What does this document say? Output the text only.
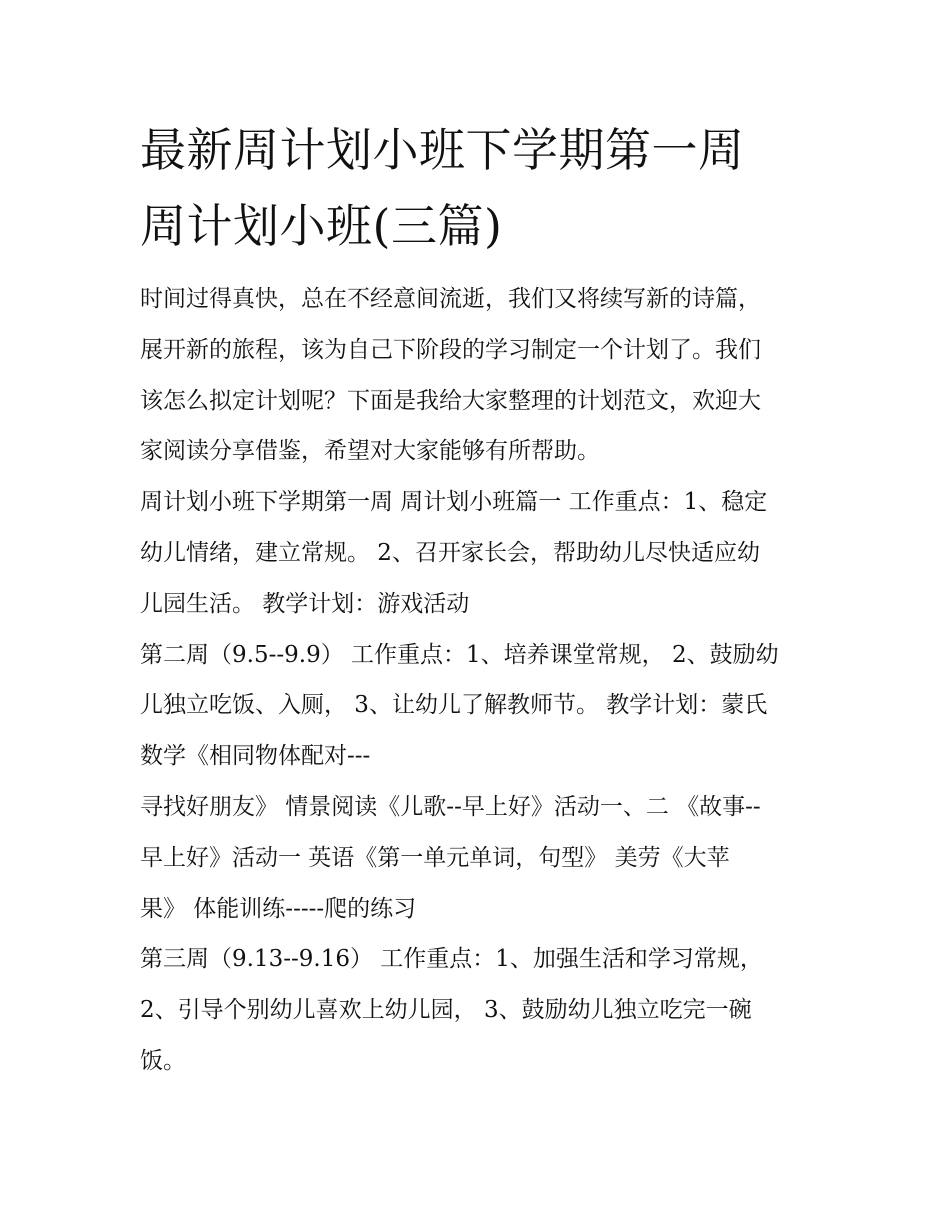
最新周计划小班下学期第一周
周计划小班(三篇)
时间过得真快，总在不经意间流逝，我们又将续写新的诗篇，
展开新的旅程，该为自己下阶段的学习制定一个计划了。我们
该怎么拟定计划呢？下面是我给大家整理的计划范文，欢迎大
家阅读分享借鉴，希望对大家能够有所帮助。
周计划小班下学期第一周 周计划小班篇一 工作重点：1、稳定
幼儿情绪，建立常规。 2、召开家长会，帮助幼儿尽快适应幼
儿园生活。 教学计划：游戏活动
第二周（9.5--9.9） 工作重点：1、培养课堂常规， 2、鼓励幼
儿独立吃饭、入厕， 3、让幼儿了解教师节。 教学计划：蒙氏
数学《相同物体配对---
寻找好朋友》 情景阅读《儿歌--早上好》活动一、二 《故事--
早上好》活动一 英语《第一单元单词，句型》 美劳《大苹
果》 体能训练-----爬的练习
第三周（9.13--9.16） 工作重点：1、加强生活和学习常规，
2、引导个别幼儿喜欢上幼儿园， 3、鼓励幼儿独立吃完一碗
饭。
